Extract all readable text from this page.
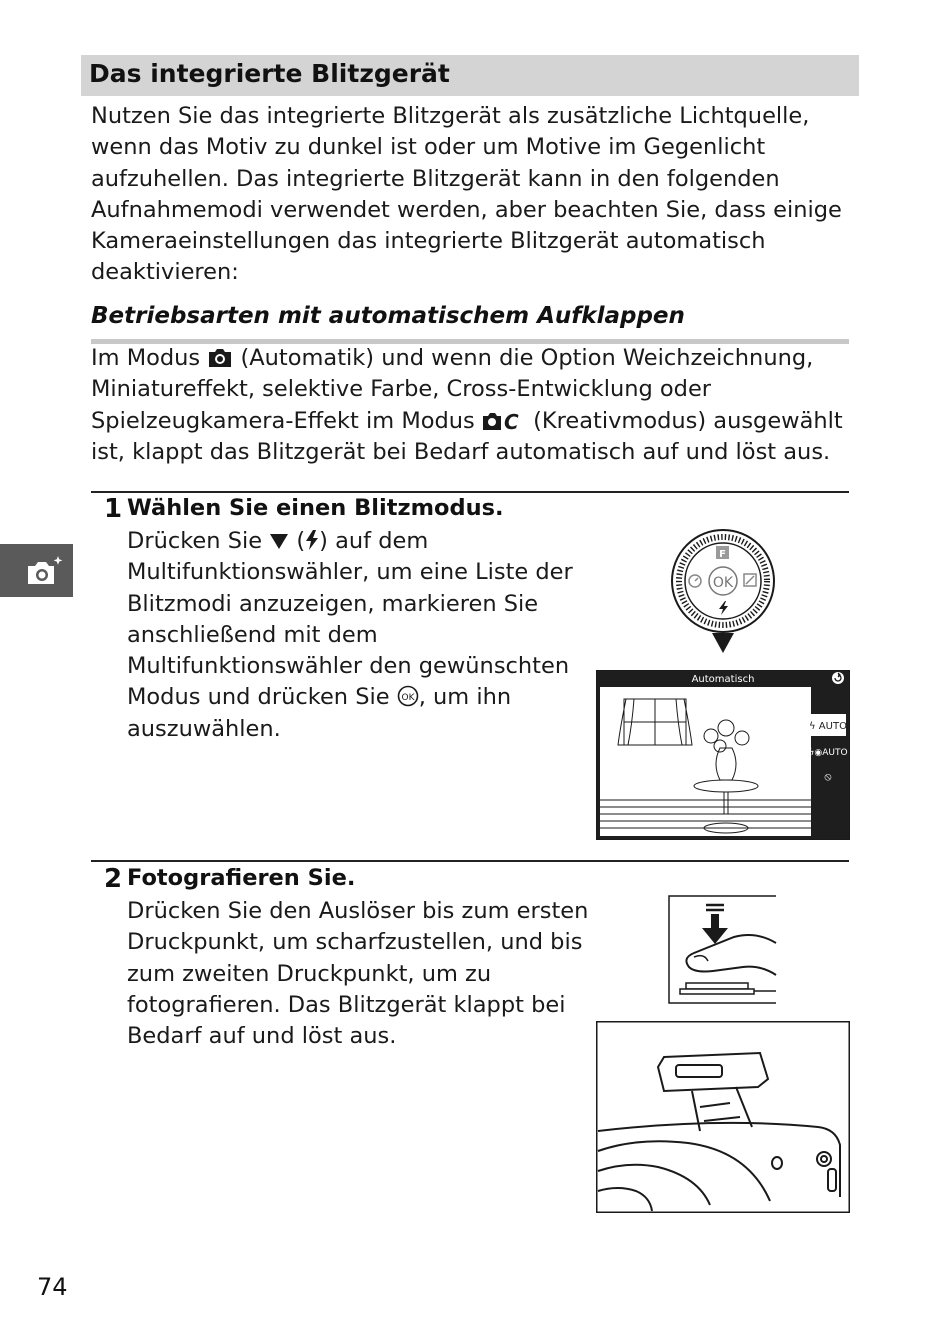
Das integrierte Blitzgerät
Nutzen Sie das integrierte Blitzgerät als zusätzliche Lichtquelle,
wenn das Motiv zu dunkel ist oder um Motive im Gegenlicht
aufzuhellen. Das integrierte Blitzgerät kann in den folgenden
Aufnahmemodi verwendet werden, aber beachten Sie, dass einige
Kameraeinstellungen das integrierte Blitzgerät automatisch
deaktivieren:
Betriebsarten mit automatischem Aufklappen
Im Modus  (Automatik) und wenn die Option Weichzeichnung,
Miniatureffekt, selektive Farbe, Cross-Entwicklung oder
Spielzeugkamera-Effekt im Modus C (Kreativmodus) ausgewählt
ist, klappt das Blitzgerät bei Bedarf automatisch auf und löst aus.
1 Wählen Sie einen Blitzmodus.
Drücken Sie  ( ) auf dem
Multifunktionswähler, um eine Liste der
Blitzmodi anzuzeigen, markieren Sie
anschließend mit dem
Multifunktionswähler den gewünschten
Modus und drücken Sie OK , um ihn
auszuwählen.
OK
F
Automatisch
ϟ AUTO
ϟ◉AUTO
⦸
2 Fotografieren Sie.
Drücken Sie den Auslöser bis zum ersten
Druckpunkt, um scharfzustellen, und bis
zum zweiten Druckpunkt, um zu
fotografieren. Das Blitzgerät klappt bei
Bedarf auf und löst aus.
74
